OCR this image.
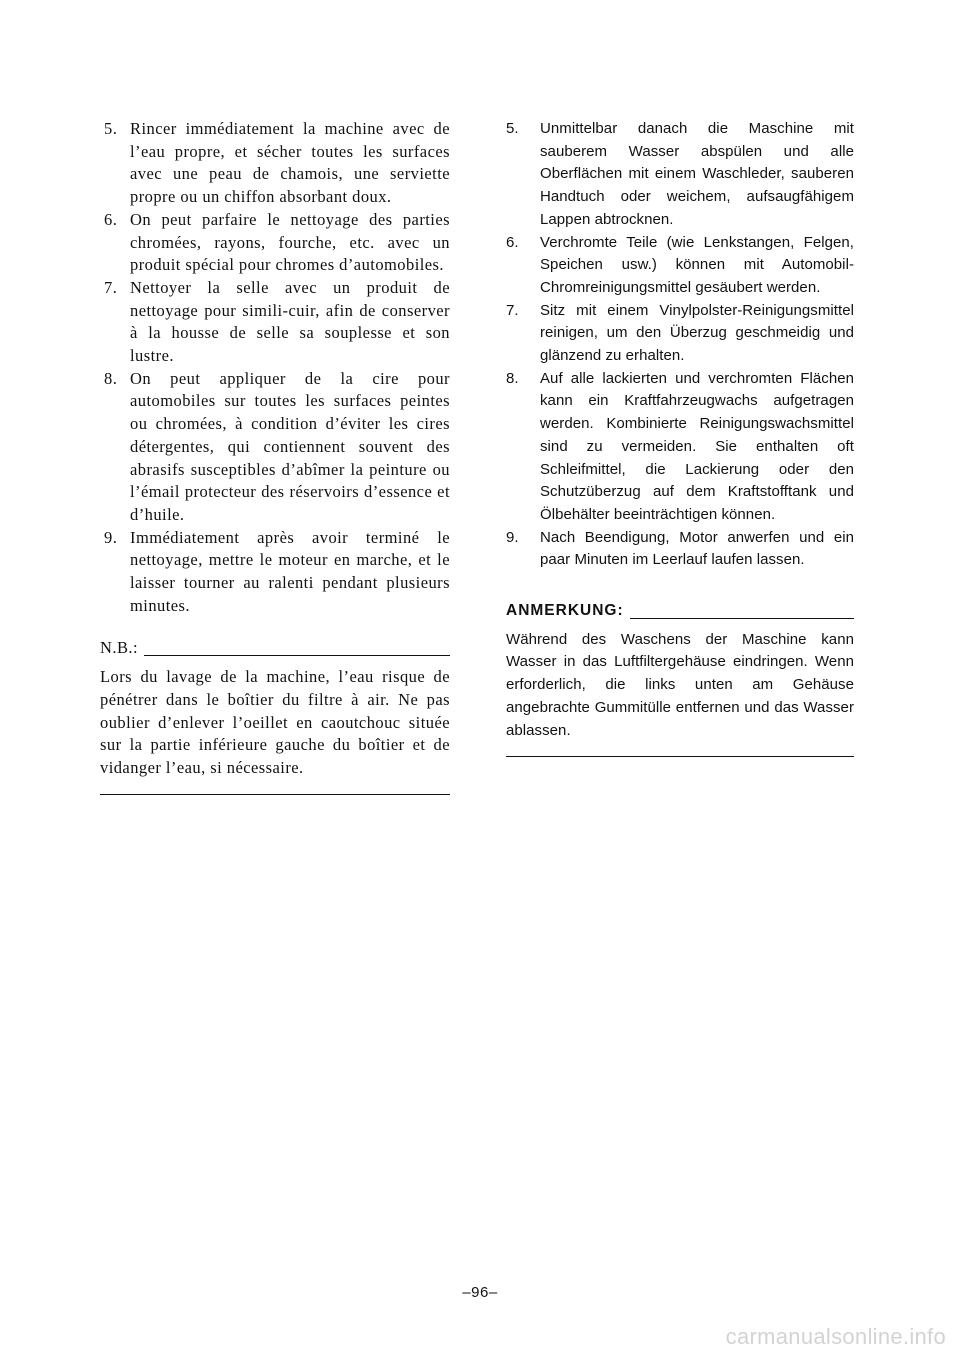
5. Rincer immédiatement la machine avec de l’eau propre, et sécher toutes les surfaces avec une peau de chamois, une serviette propre ou un chiffon absorbant doux.
6. On peut parfaire le nettoyage des parties chromées, rayons, fourche, etc. avec un produit spécial pour chromes d’automobiles.
7. Nettoyer la selle avec un produit de nettoyage pour simili-cuir, afin de conserver à la housse de selle sa souplesse et son lustre.
8. On peut appliquer de la cire pour automobiles sur toutes les surfaces peintes ou chromées, à condition d’éviter les cires détergentes, qui contiennent souvent des abrasifs susceptibles d’abîmer la peinture ou l’émail protecteur des réservoirs d’essence et d’huile.
9. Immédiatement après avoir terminé le nettoyage, mettre le moteur en marche, et le laisser tourner au ralenti pendant plusieurs minutes.
N.B.:
Lors du lavage de la machine, l’eau risque de pénétrer dans le boîtier du filtre à air. Ne pas oublier d’enlever l’oeillet en caoutchouc située sur la partie inférieure gauche du boîtier et de vidanger l’eau, si nécessaire.
5. Unmittelbar danach die Maschine mit sauberem Wasser abspülen und alle Oberflächen mit einem Waschleder, sauberen Handtuch oder weichem, aufsaugfähigem Lappen abtrocknen.
6. Verchromte Teile (wie Lenkstangen, Felgen, Speichen usw.) können mit Automobil-Chromreinigungsmittel gesäubert werden.
7. Sitz mit einem Vinylpolster-Reinigungsmittel reinigen, um den Überzug geschmeidig und glänzend zu erhalten.
8. Auf alle lackierten und verchromten Flächen kann ein Kraftfahrzeugwachs aufgetragen werden. Kombinierte Reinigungswachsmittel sind zu vermeiden. Sie enthalten oft Schleifmittel, die Lackierung oder den Schutzüberzug auf dem Kraftstofftank und Ölbehälter beeinträchtigen können.
9. Nach Beendigung, Motor anwerfen und ein paar Minuten im Leerlauf laufen lassen.
ANMERKUNG:
Während des Waschens der Maschine kann Wasser in das Luftfiltergehäuse eindringen. Wenn erforderlich, die links unten am Gehäuse angebrachte Gummitülle entfernen und das Wasser ablassen.
–96–
carmanualsonline.info
